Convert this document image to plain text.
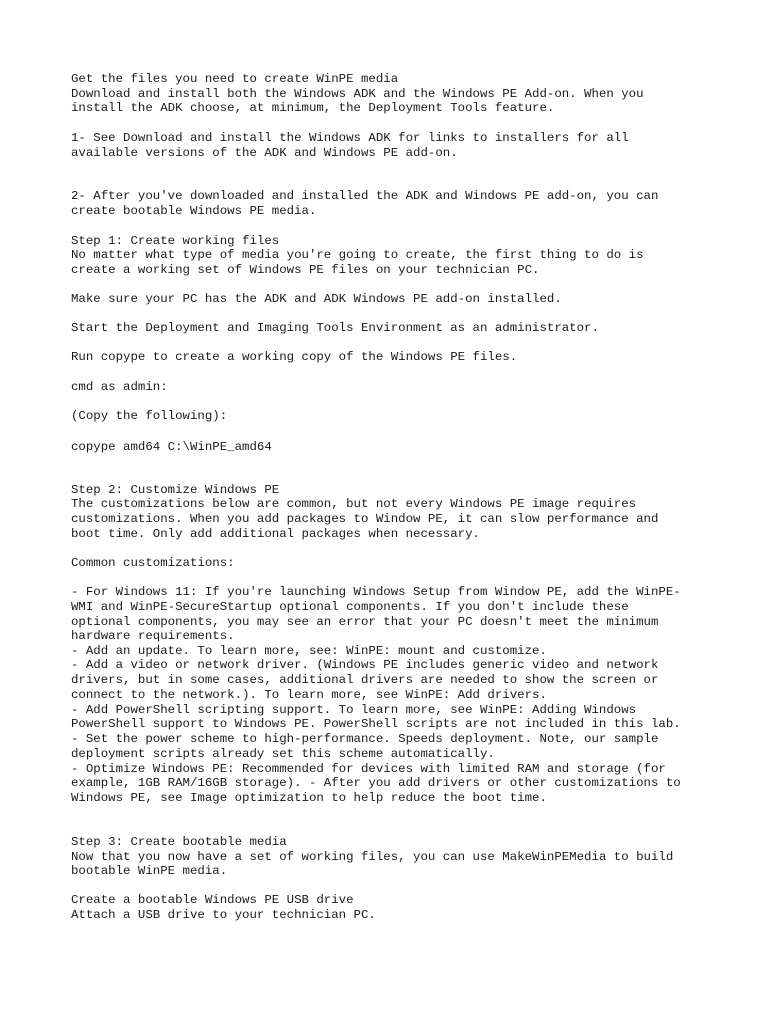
Get the files you need to create WinPE media

Download and install both the Windows ADK and the Windows PE Add-on. When you

install the ADK choose, at minimum, the Deployment Tools feature.

1- See Download and install the Windows ADK for links to installers for all

available versions of the ADK and Windows PE add-on.

2- After you've downloaded and installed the ADK and Windows PE add-on, you can

create bootable Windows PE media.

Step 1: Create working files

No matter what type of media you're going to create, the first thing to do is

create a working set of Windows PE files on your technician PC.

Make sure your PC has the ADK and ADK Windows PE add-on installed.

Start the Deployment and Imaging Tools Environment as an administrator.

Run copype to create a working copy of the Windows PE files.

cmd as admin:

(Copy the following):

copype amd64 C:\WinPE_amd64

Step 2: Customize Windows PE

The customizations below are common, but not every Windows PE image requires

customizations. When you add packages to Window PE, it can slow performance and

boot time. Only add additional packages when necessary.

Common customizations:

- For Windows 11: If you're launching Windows Setup from Window PE, add the WinPE-

WMI and WinPE-SecureStartup optional components. If you don't include these

optional components, you may see an error that your PC doesn't meet the minimum

hardware requirements.

- Add an update. To learn more, see: WinPE: mount and customize.

- Add a video or network driver. (Windows PE includes generic video and network

drivers, but in some cases, additional drivers are needed to show the screen or

connect to the network.). To learn more, see WinPE: Add drivers.

- Add PowerShell scripting support. To learn more, see WinPE: Adding Windows

PowerShell support to Windows PE. PowerShell scripts are not included in this lab.

- Set the power scheme to high-performance. Speeds deployment. Note, our sample

deployment scripts already set this scheme automatically.

- Optimize Windows PE: Recommended for devices with limited RAM and storage (for

example, 1GB RAM/16GB storage). - After you add drivers or other customizations to

Windows PE, see Image optimization to help reduce the boot time.

Step 3: Create bootable media

Now that you now have a set of working files, you can use MakeWinPEMedia to build

bootable WinPE media.

Create a bootable Windows PE USB drive

Attach a USB drive to your technician PC.
